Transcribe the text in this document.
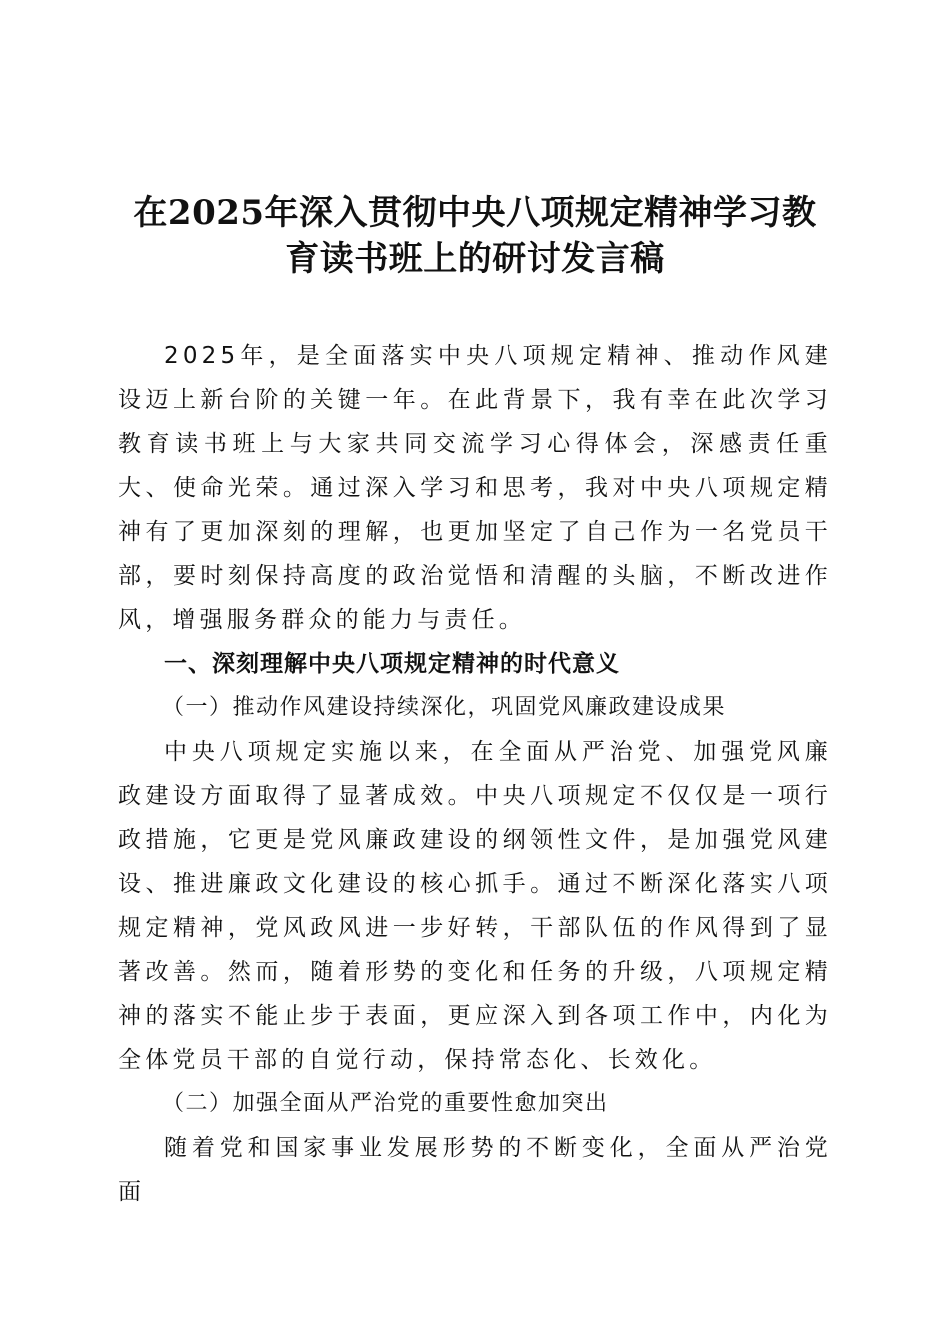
在2025年深入贯彻中央八项规定精神学习教
育读书班上的研讨发言稿

2025年，是全面落实中央八项规定精神、推动作风建设迈上新台阶的关键一年。在此背景下，我有幸在此次学习教育读书班上与大家共同交流学习心得体会，深感责任重大、使命光荣。通过深入学习和思考，我对中央八项规定精神有了更加深刻的理解，也更加坚定了自己作为一名党员干部，要时刻保持高度的政治觉悟和清醒的头脑，不断改进作风，增强服务群众的能力与责任。

一、深刻理解中央八项规定精神的时代意义
（一）推动作风建设持续深化，巩固党风廉政建设成果

中央八项规定实施以来，在全面从严治党、加强党风廉政建设方面取得了显著成效。中央八项规定不仅仅是一项行政措施，它更是党风廉政建设的纲领性文件，是加强党风建设、推进廉政文化建设的核心抓手。通过不断深化落实八项规定精神，党风政风进一步好转，干部队伍的作风得到了显著改善。然而，随着形势的变化和任务的升级，八项规定精神的落实不能止步于表面，更应深入到各项工作中，内化为全体党员干部的自觉行动，保持常态化、长效化。

（二）加强全面从严治党的重要性愈加突出

随着党和国家事业发展形势的不断变化，全面从严治党面
